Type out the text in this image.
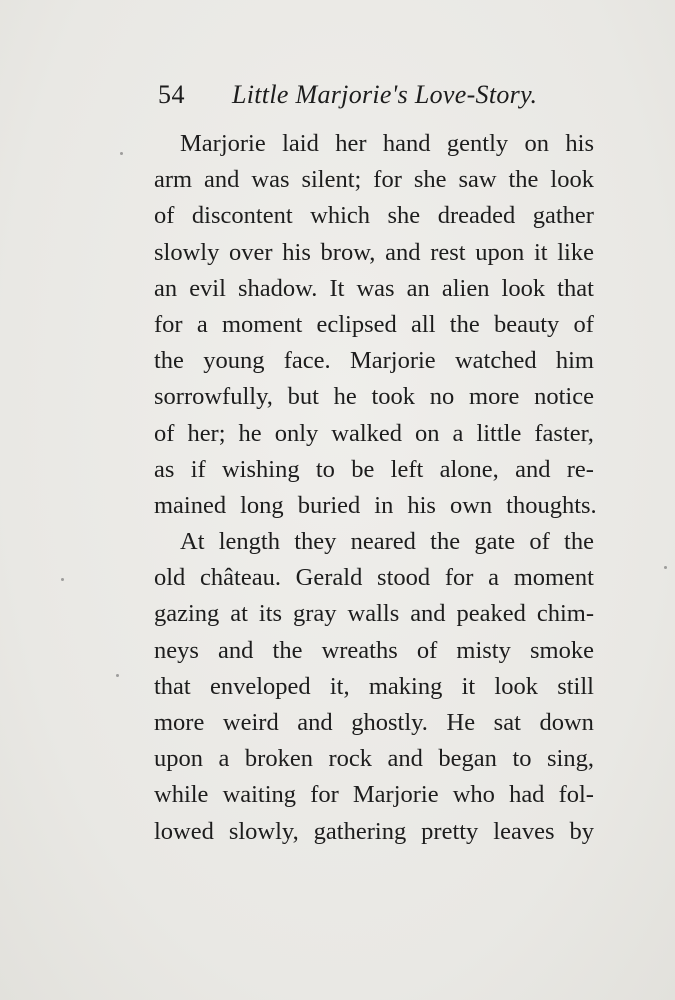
54 Little Marjorie's Love-Story.
Marjorie laid her hand gently on his
arm and was silent; for she saw the look
of discontent which she dreaded gather
slowly over his brow, and rest upon it like
an evil shadow. It was an alien look that
for a moment eclipsed all the beauty of
the young face. Marjorie watched him
sorrowfully, but he took no more notice
of her; he only walked on a little faster,
as if wishing to be left alone, and re-
mained long buried in his own thoughts.
At length they neared the gate of the
old château. Gerald stood for a moment
gazing at its gray walls and peaked chim-
neys and the wreaths of misty smoke
that enveloped it, making it look still
more weird and ghostly. He sat down
upon a broken rock and began to sing,
while waiting for Marjorie who had fol-
lowed slowly, gathering pretty leaves by
